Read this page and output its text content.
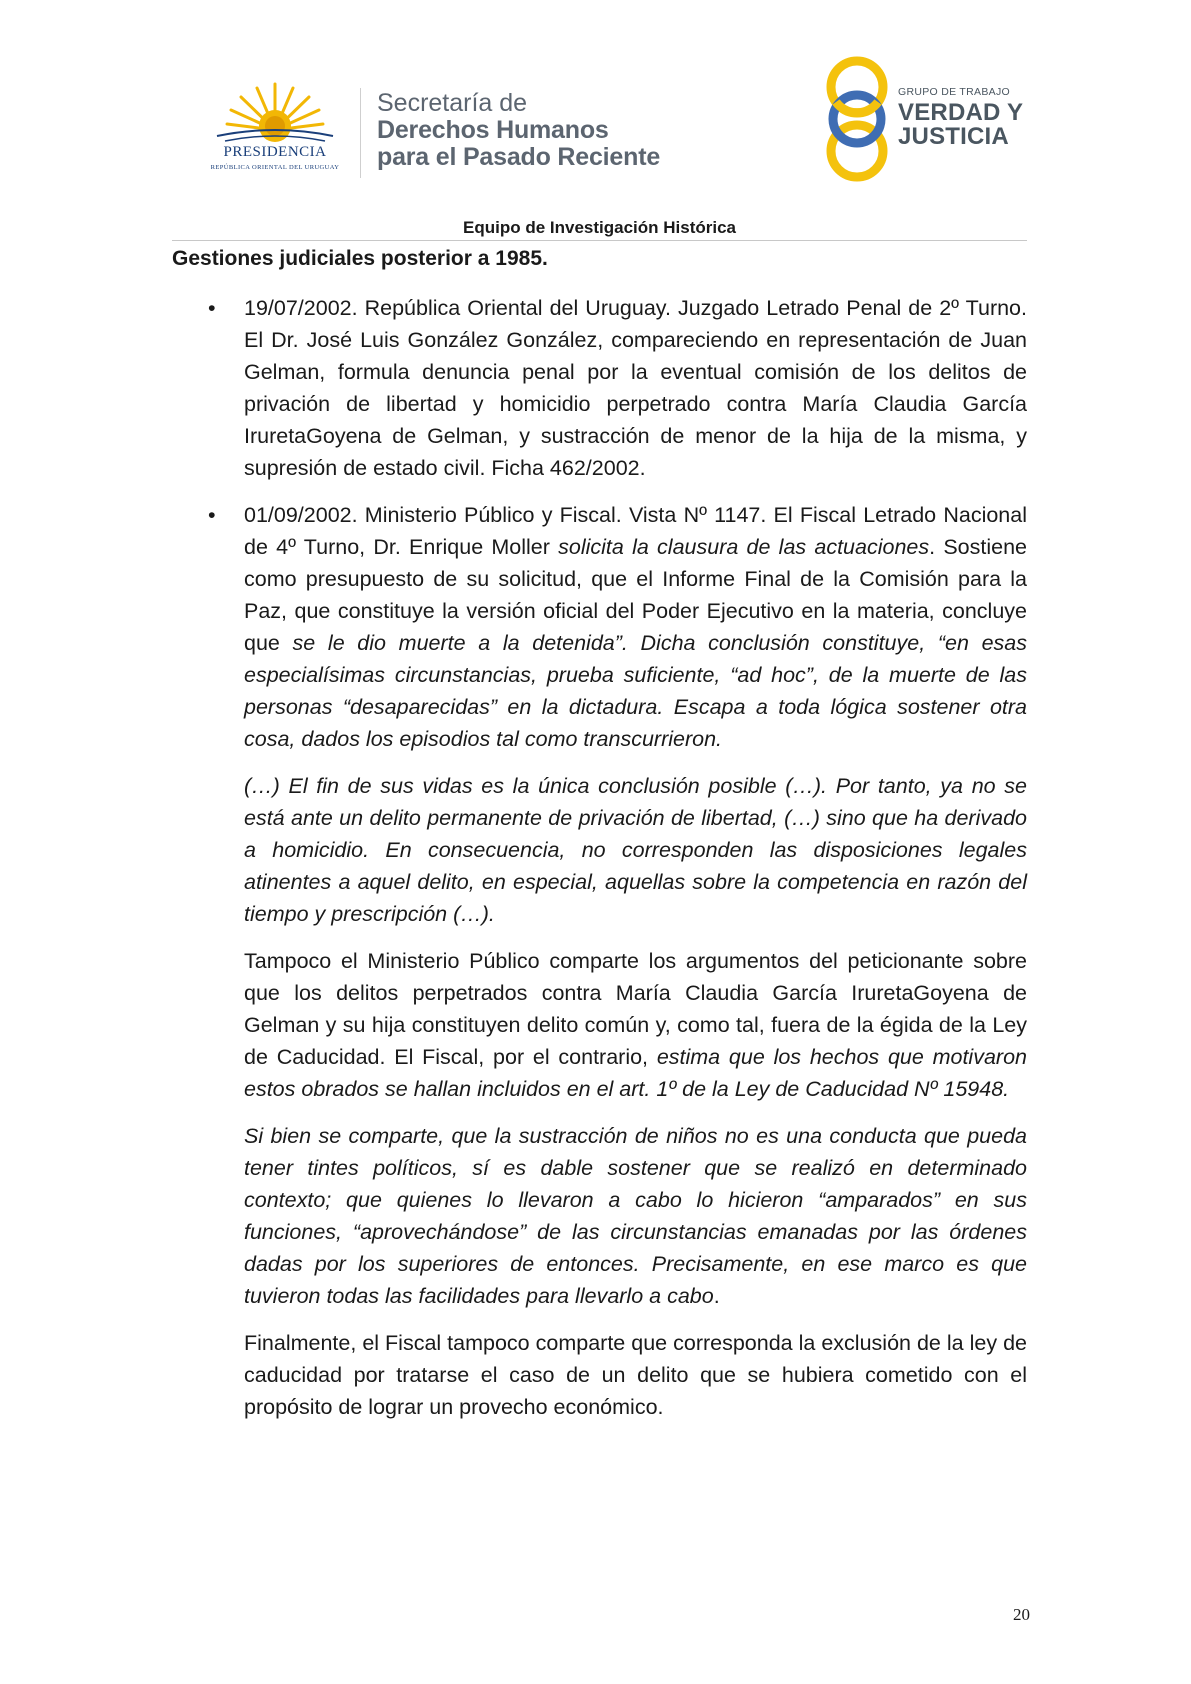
PRESIDENCIA
REPÚBLICA ORIENTAL DEL URUGUAY
Secretaría de
Derechos Humanos
para el Pasado Reciente
GRUPO DE TRABAJO
VERDAD Y
JUSTICIA
Equipo de Investigación Histórica
Gestiones judiciales posterior a 1985.

• 19/07/2002. República Oriental del Uruguay. Juzgado Letrado Penal de 2º Turno. El Dr. José Luis González González, compareciendo en representación de Juan Gelman, formula denuncia penal por la eventual comisión de los delitos de privación de libertad y homicidio perpetrado contra María Claudia García IruretaGoyena de Gelman, y sustracción de menor de la hija de la misma, y supresión de estado civil. Ficha 462/2002.

• 01/09/2002. Ministerio Público y Fiscal. Vista Nº 1147. El Fiscal Letrado Nacional de 4º Turno, Dr. Enrique Moller solicita la clausura de las actuaciones. Sostiene como presupuesto de su solicitud, que el Informe Final de la Comisión para la Paz, que constituye la versión oficial del Poder Ejecutivo en la materia, concluye que se le dio muerte a la detenida”. Dicha conclusión constituye, “en esas especialísimas circunstancias, prueba suficiente, “ad hoc”, de la muerte de las personas “desaparecidas” en la dictadura. Escapa a toda lógica sostener otra cosa, dados los episodios tal como transcurrieron.

(…) El fin de sus vidas es la única conclusión posible (…). Por tanto, ya no se está ante un delito permanente de privación de libertad, (…) sino que ha derivado a homicidio. En consecuencia, no corresponden las disposiciones legales atinentes a aquel delito, en especial, aquellas sobre la competencia en razón del tiempo y prescripción (…).

Tampoco el Ministerio Público comparte los argumentos del peticionante sobre que los delitos perpetrados contra María Claudia García IruretaGoyena de Gelman y su hija constituyen delito común y, como tal, fuera de la égida de la Ley de Caducidad. El Fiscal, por el contrario, estima que los hechos que motivaron estos obrados se hallan incluidos en el art. 1º de la Ley de Caducidad Nº 15948.

Si bien se comparte, que la sustracción de niños no es una conducta que pueda tener tintes políticos, sí es dable sostener que se realizó en determinado contexto; que quienes lo llevaron a cabo lo hicieron “amparados” en sus funciones, “aprovechándose” de las circunstancias emanadas por las órdenes dadas por los superiores de entonces. Precisamente, en ese marco es que tuvieron todas las facilidades para llevarlo a cabo.

Finalmente, el Fiscal tampoco comparte que corresponda la exclusión de la ley de caducidad por tratarse el caso de un delito que se hubiera cometido con el propósito de lograr un provecho económico.

20
